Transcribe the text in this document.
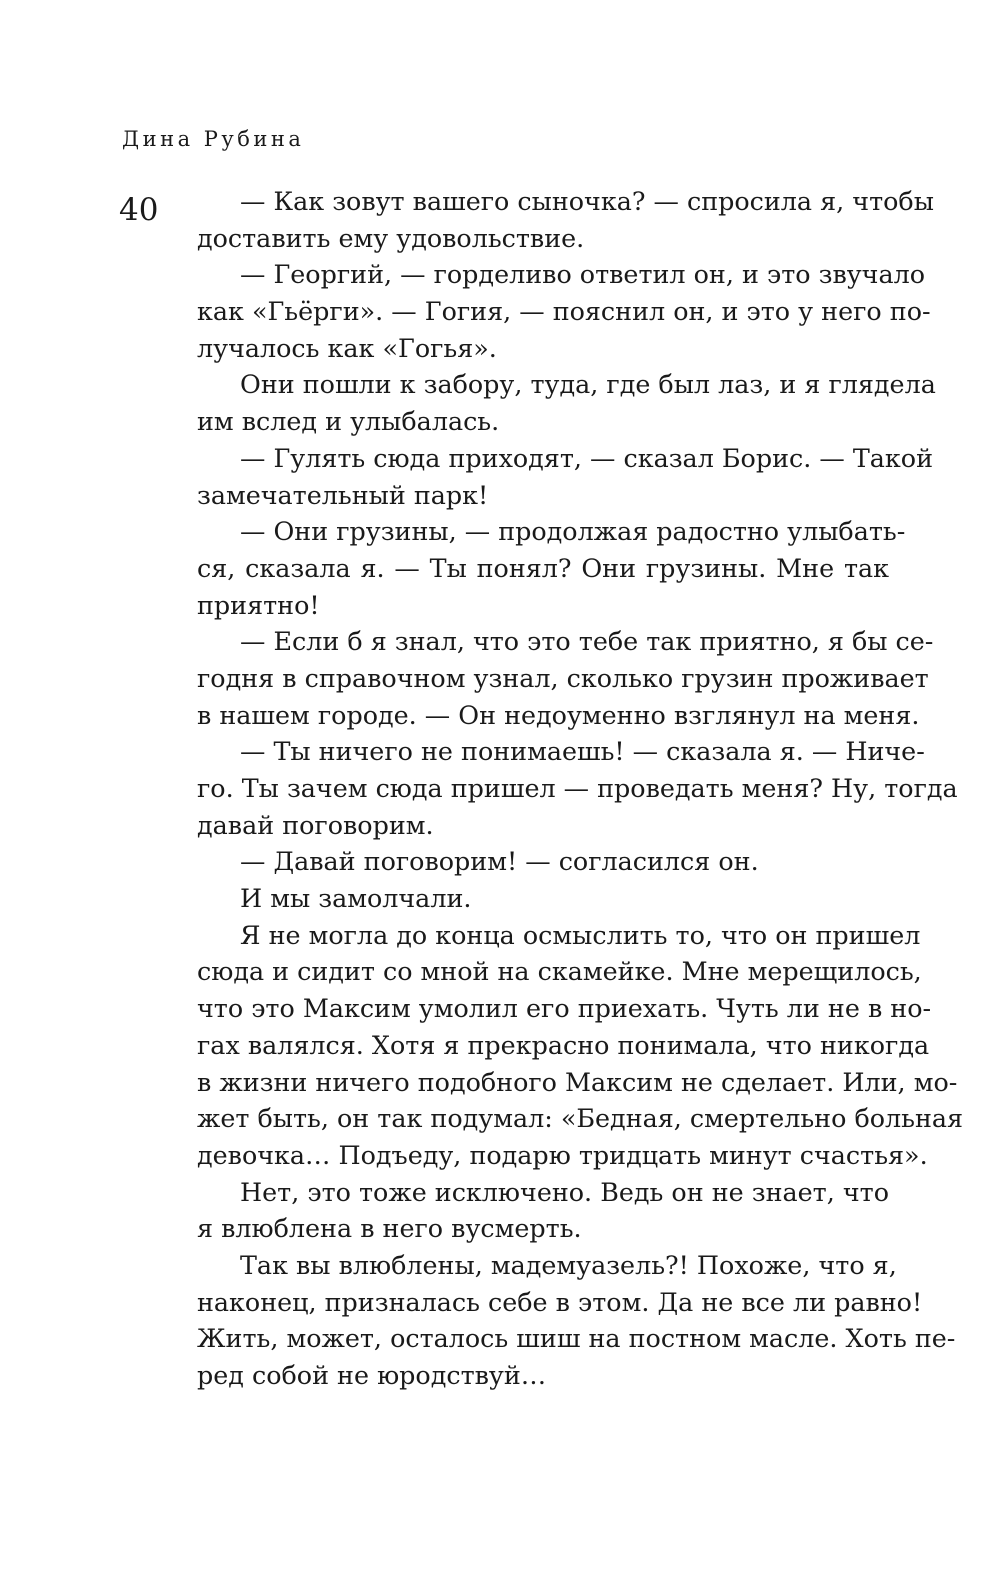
Дина Рубина
40	— Как зовут вашего сыночка? — спросила я, чтобы
доставить ему удовольствие.
— Георгий, — горделиво ответил он, и это звучало
как «Гьёрги». — Гогия, — пояснил он, и это у него по-
лучалось как «Гогья».
Они пошли к забору, туда, где был лаз, и я глядела
им вслед и улыбалась.
— Гулять сюда приходят, — сказал Борис. — Такой
замечательный парк!
— Они грузины, — продолжая радостно улыбать-
ся, сказала я. — Ты понял? Они грузины. Мне так
приятно!
— Если б я знал, что это тебе так приятно, я бы се-
годня в справочном узнал, сколько грузин проживает
в нашем городе. — Он недоуменно взглянул на меня.
— Ты ничего не понимаешь! — сказала я. — Ниче-
го. Ты зачем сюда пришел — проведать меня? Ну, тогда
давай поговорим.
— Давай поговорим! — согласился он.
И мы замолчали.
Я не могла до конца осмыслить то, что он пришел
сюда и сидит со мной на скамейке. Мне мерещилось,
что это Максим умолил его приехать. Чуть ли не в но-
гах валялся. Хотя я прекрасно понимала, что никогда
в жизни ничего подобного Максим не сделает. Или, мо-
жет быть, он так подумал: «Бедная, смертельно больная
девочка… Подъеду, подарю тридцать минут счастья».
Нет, это тоже исключено. Ведь он не знает, что
я влюблена в него вусмерть.
Так вы влюблены, мадемуазель?! Похоже, что я,
наконец, призналась себе в этом. Да не все ли равно!
Жить, может, осталось шиш на постном масле. Хоть пе-
ред собой не юродствуй…
